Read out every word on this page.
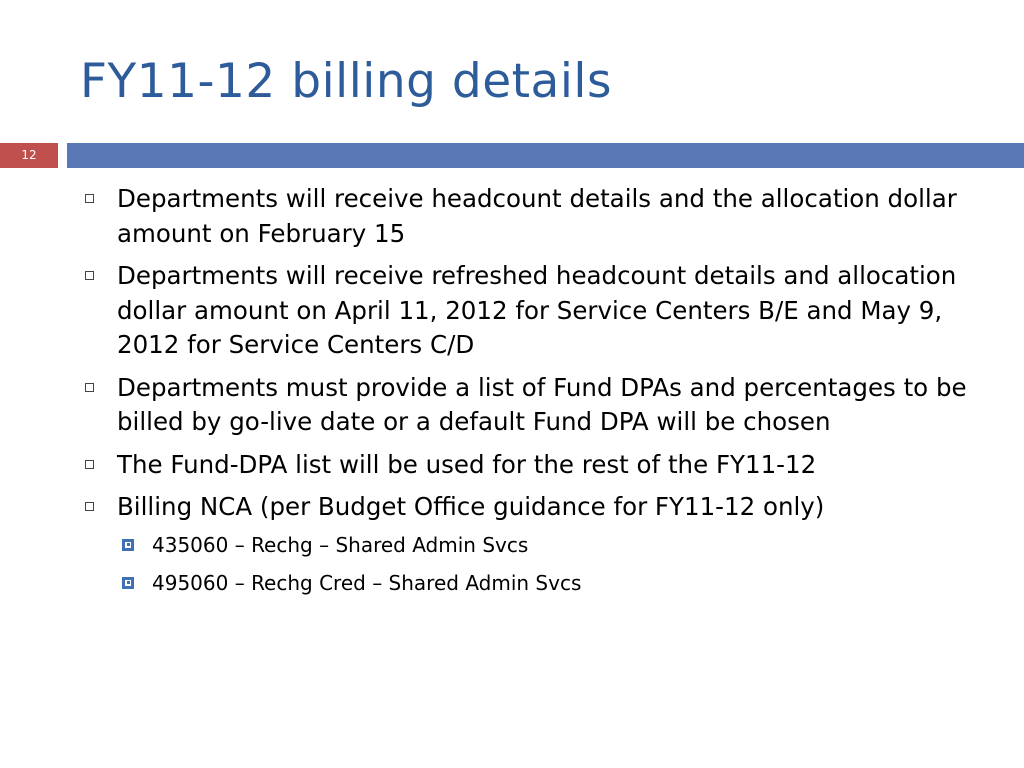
FY11-12 billing details
12
Departments will receive headcount details and the allocation dollar amount on February 15
Departments will receive refreshed headcount details and allocation dollar amount on April 11, 2012 for Service Centers B/E and May 9, 2012 for Service Centers C/D
Departments must provide a list of Fund DPAs and percentages to be billed by go-live date or a default Fund DPA will be chosen
The Fund-DPA list will be used for the rest of the FY11-12
Billing NCA (per Budget Office guidance for FY11-12 only)
435060 – Rechg – Shared Admin Svcs
495060 – Rechg Cred – Shared Admin Svcs
